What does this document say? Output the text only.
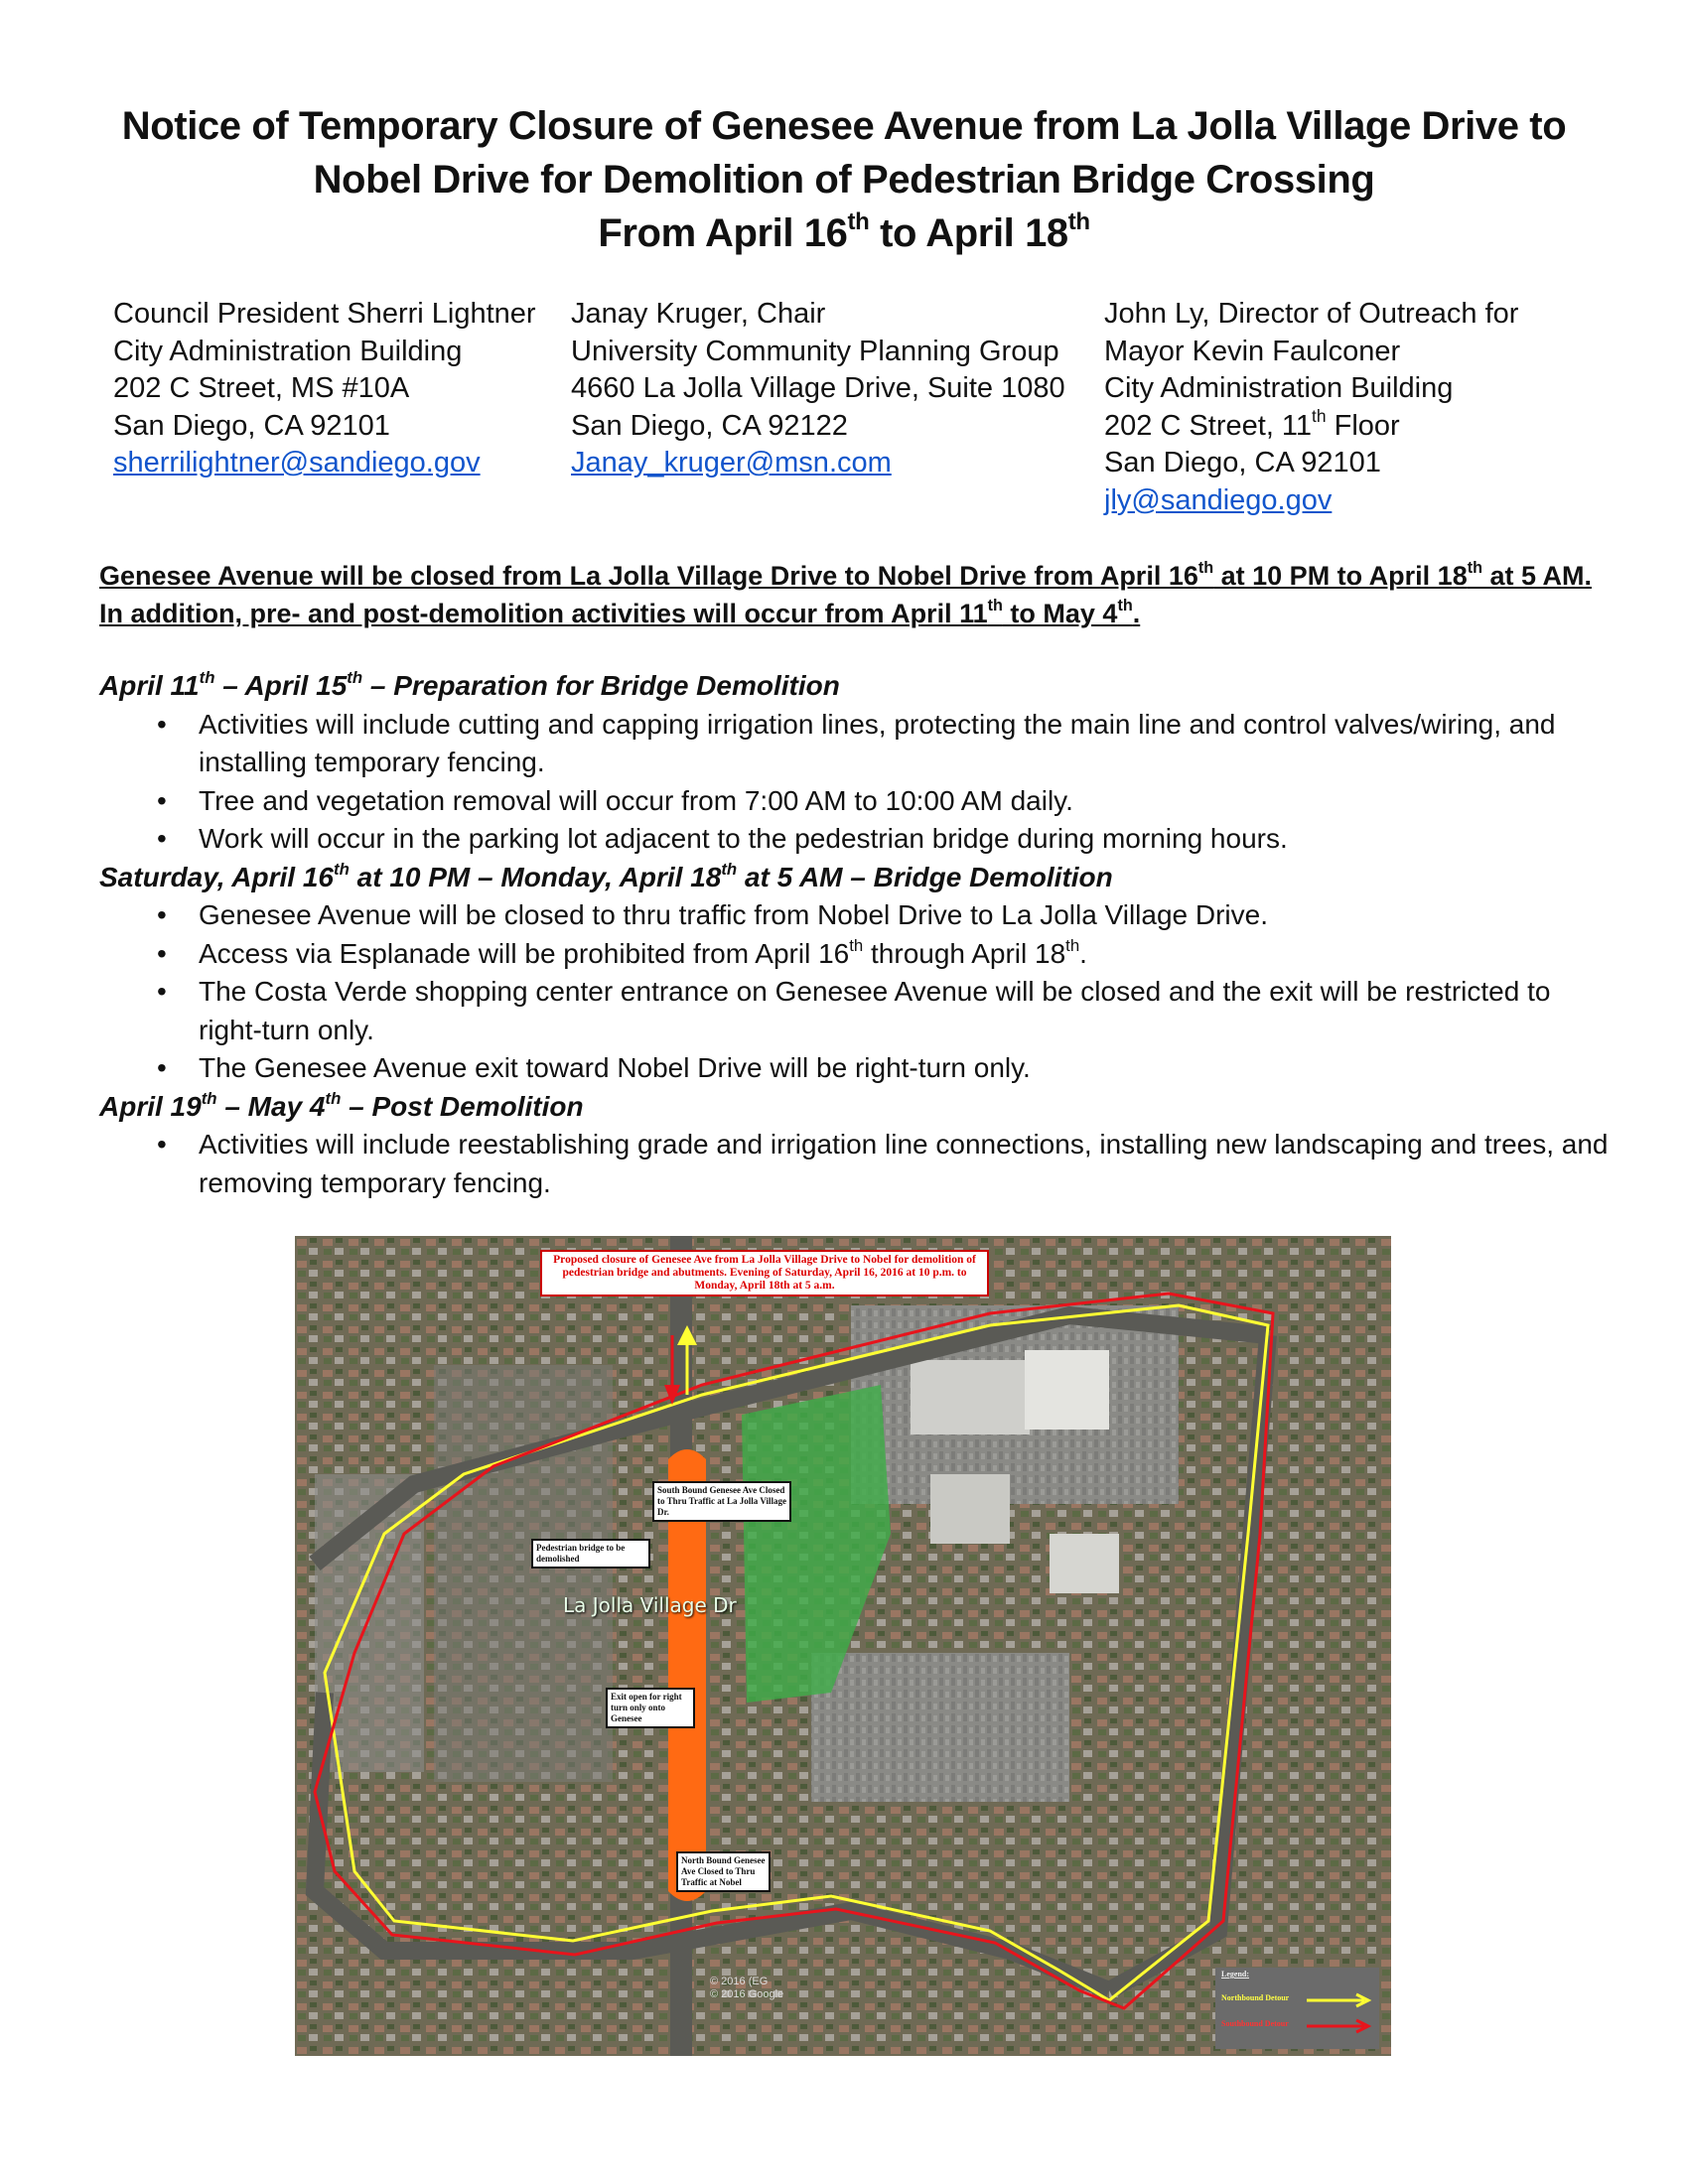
Notice of Temporary Closure of Genesee Avenue from La Jolla Village Drive to
Nobel Drive for Demolition of Pedestrian Bridge Crossing
From April 16th to April 18th
Council President Sherri Lightner
City Administration Building
202 C Street, MS #10A
San Diego, CA 92101
sherrilightner@sandiego.gov
Janay Kruger, Chair
University Community Planning Group
4660 La Jolla Village Drive, Suite 1080
San Diego, CA 92122
Janay_kruger@msn.com
John Ly, Director of Outreach for
Mayor Kevin Faulconer
City Administration Building
202 C Street, 11th Floor
San Diego, CA 92101
jly@sandiego.gov
Genesee Avenue will be closed from La Jolla Village Drive to Nobel Drive from April 16th at 10 PM to April 18th at 5 AM. In addition, pre- and post-demolition activities will occur from April 11th to May 4th.
April 11th – April 15th – Preparation for Bridge Demolition
• Activities will include cutting and capping irrigation lines, protecting the main line and control valves/wiring, and installing temporary fencing.
• Tree and vegetation removal will occur from 7:00 AM to 10:00 AM daily.
• Work will occur in the parking lot adjacent to the pedestrian bridge during morning hours.
Saturday, April 16th at 10 PM – Monday, April 18th at 5 AM – Bridge Demolition
• Genesee Avenue will be closed to thru traffic from Nobel Drive to La Jolla Village Drive.
• Access via Esplanade will be prohibited from April 16th through April 18th.
• The Costa Verde shopping center entrance on Genesee Avenue will be closed and the exit will be restricted to right-turn only.
• The Genesee Avenue exit toward Nobel Drive will be right-turn only.
April 19th – May 4th – Post Demolition
• Activities will include reestablishing grade and irrigation line connections, installing new landscaping and trees, and removing temporary fencing.
Proposed closure of Genesee Ave from La Jolla Village Drive to Nobel for demolition of pedestrian bridge and abutments. Evening of Saturday, April 16, 2016 at 10 p.m. to Monday, April 18th at 5 a.m.
South Bound Genesee Ave Closed to Thru Traffic at La Jolla Village Dr.
Pedestrian bridge to be demolished
Exit open for right turn only onto Genesee
North Bound Genesee Ave Closed to Thru Traffic at Nobel
La Jolla Village Dr
© 2016 (EG
© 2016 Google
Legend:
Northbound Detour
Southbound Detour
